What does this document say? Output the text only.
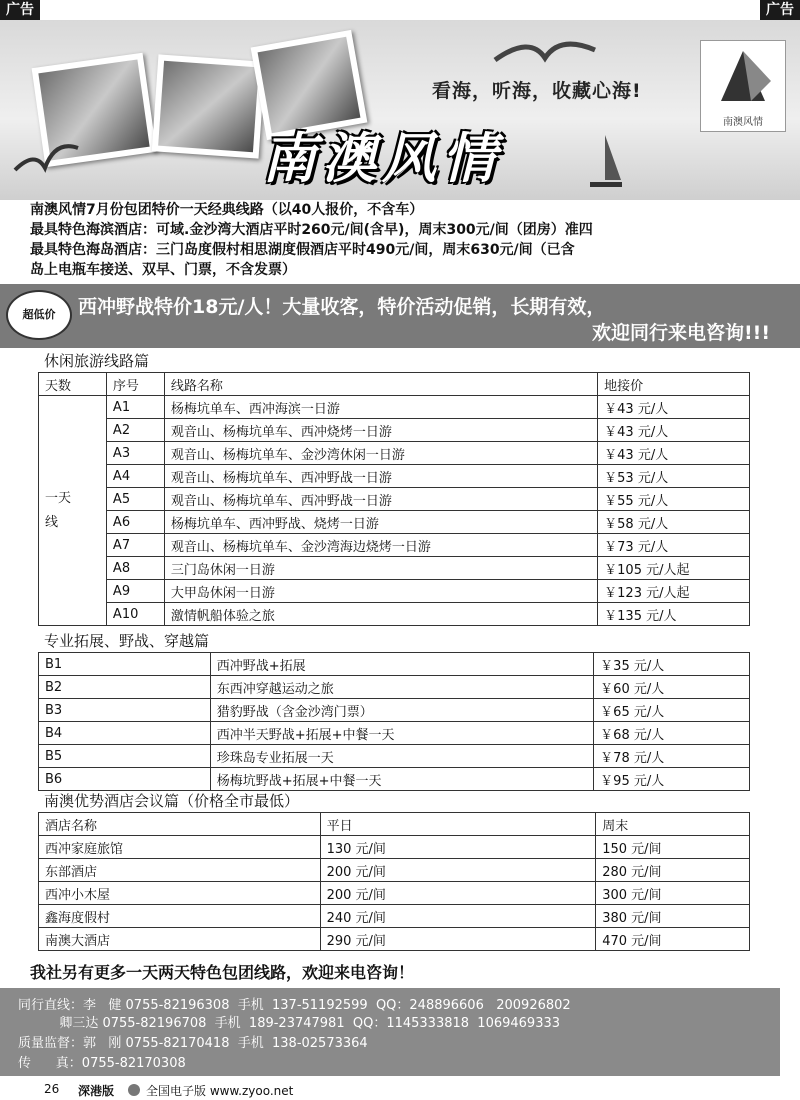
广告	广告
看海，听海，收藏心海!
南澳风情
南澳风情
南澳风情7月份包团特价一天经典线路（以40人报价，不含车）
最具特色海滨酒店：可域.金沙湾大酒店平时260元/间(含早)，周末300元/间（团房）准四
最具特色海岛酒店：三门岛度假村相思湖度假酒店平时490元/间，周末630元/间（已含
岛上电瓶车接送、双早、门票，不含发票）
超低价	西冲野战特价18元/人！大量收客，特价活动促销，长期有效，
欢迎同行来电咨询!!!
休闲旅游线路篇
天数	序号	线路名称	地接价
一天
线	A1	杨梅坑单车、西冲海滨一日游	￥43 元/人
	A2	观音山、杨梅坑单车、西冲烧烤一日游	￥43 元/人
	A3	观音山、杨梅坑单车、金沙湾休闲一日游	￥43 元/人
	A4	观音山、杨梅坑单车、西冲野战一日游	￥53 元/人
	A5	观音山、杨梅坑单车、西冲野战一日游	￥55 元/人
	A6	杨梅坑单车、西冲野战、烧烤一日游	￥58 元/人
	A7	观音山、杨梅坑单车、金沙湾海边烧烤一日游	￥73 元/人
	A8	三门岛休闲一日游	￥105 元/人起
	A9	大甲岛休闲一日游	￥123 元/人起
	A10	激情帆船体验之旅	￥135 元/人
专业拓展、野战、穿越篇
B1	西冲野战+拓展	￥35 元/人
B2	东西冲穿越运动之旅	￥60 元/人
B3	猎豹野战（含金沙湾门票）	￥65 元/人
B4	西冲半天野战+拓展+中餐一天	￥68 元/人
B5	珍珠岛专业拓展一天	￥78 元/人
B6	杨梅坑野战+拓展+中餐一天	￥95 元/人
南澳优势酒店会议篇（价格全市最低）
酒店名称	平日	周末
西冲家庭旅馆	130 元/间	150 元/间
东部酒店	200 元/间	280 元/间
西冲小木屋	200 元/间	300 元/间
鑫海度假村	240 元/间	380 元/间
南澳大酒店	290 元/间	470 元/间
我社另有更多一天两天特色包团线路，欢迎来电咨询！
同行直线：李   健 0755-82196308  手机  137-51192599  QQ：248896606   200926802
卿三达 0755-82196708  手机  189-23747981  QQ：1145333818  1069469333
质量监督：郭   刚 0755-82170418  手机  138-02573364
传      真：0755-82170308
26 深港版	全国电子版 www.zyoo.net
